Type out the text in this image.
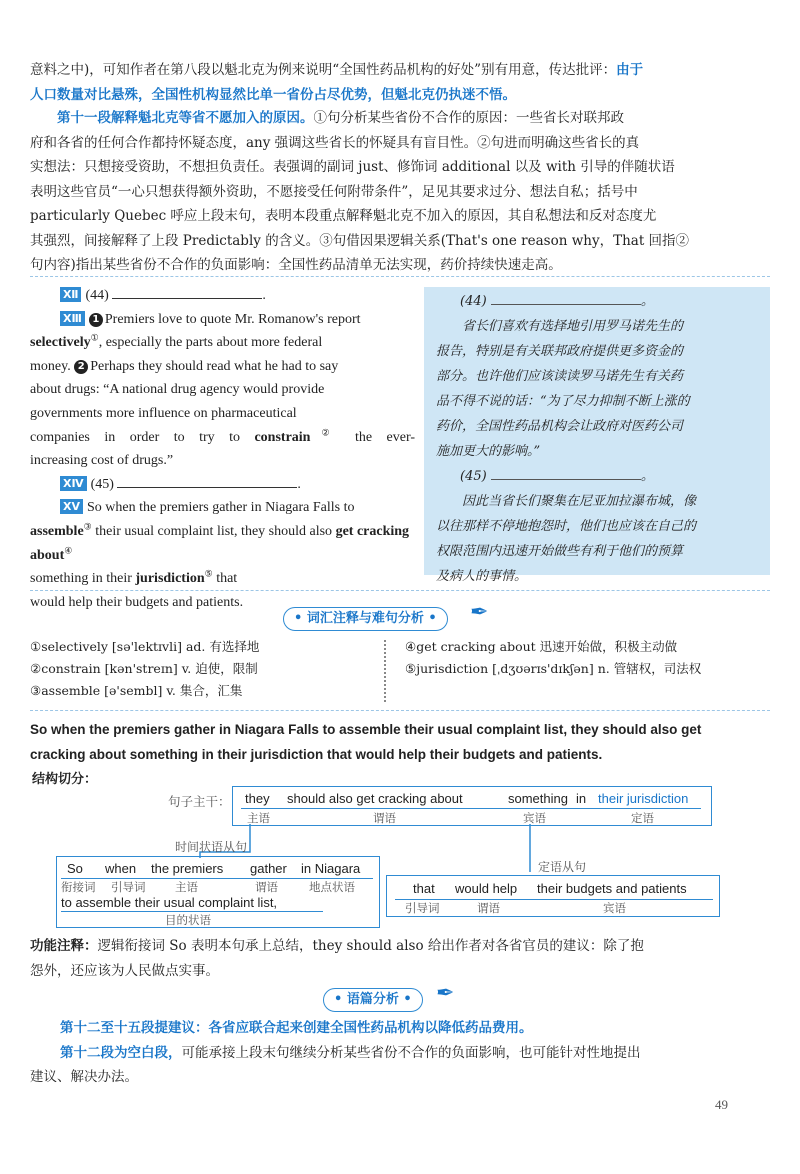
意料之中)，可知作者在第八段以魁北克为例来说明“全国性药品机构的好处”别有用意，传达批评：由于
人口数量对比悬殊，全国性机构显然比单一省份占尽优势，但魁北克仍执迷不悟。
第十一段解释魁北克等省不愿加入的原因。①句分析某些省份不合作的原因：一些省长对联邦政
府和各省的任何合作都持怀疑态度，any 强调这些省长的怀疑具有盲目性。②句进而明确这些省长的真
实想法：只想接受资助，不想担负责任。表强调的副词 just、修饰词 additional 以及 with 引导的伴随状语
表明这些官员“一心只想获得额外资助，不愿接受任何附带条件”，足见其要求过分、想法自私；括号中
particularly Quebec 呼应上段末句，表明本段重点解释魁北克不加入的原因，其自私想法和反对态度尤
其强烈，间接解释了上段 Predictably 的含义。③句借因果逻辑关系(That's one reason why，That 回指②
句内容)指出某些省份不合作的负面影响：全国性药品清单无法实现，药价持续快速走高。
Ⅻ (44)	.
ⅩⅢ 1 Premiers love to quote Mr. Romanow's report
selectively①, especially the parts about more federal
money. 2 Perhaps they should read what he had to say
about drugs: “A national drug agency would provide
governments more influence on pharmaceutical
companies in order to try to constrain② the ever-
increasing cost of drugs.”
ⅩⅣ (45)	.
ⅩⅤ So when the premiers gather in Niagara Falls to
assemble③ their usual complaint list, they should also get cracking about④
something in their jurisdiction⑤ that
would help their budgets and patients.
(44)	。
省长们喜欢有选择地引用罗马诺先生的
报告，特别是有关联邦政府提供更多资金的
部分。也许他们应该读读罗马诺先生有关药
品不得不说的话：“为了尽力抑制不断上涨的
药价，全国性药品机构会让政府对医药公司
施加更大的影响。”
(45)	。
因此当省长们聚集在尼亚加拉瀑布城，像
以往那样不停地抱怨时，他们也应该在自己的
权限范围内迅速开始做些有利于他们的预算
及病人的事情。
• 词汇注释与难句分析 •	✒
①selectively [sə'lektɪvli] ad. 有选择地
②constrain [kən'streɪn] v. 迫使，限制
③assemble [ə'sembl] v. 集合，汇集
④get cracking about 迅速开始做，积极主动做
⑤jurisdiction [ˌdʒʊərɪs'dɪkʃən] n. 管辖权，司法权
So when the premiers gather in Niagara Falls to assemble their usual complaint list, they should also get
cracking about something in their jurisdiction that would help their budgets and patients.
结构切分：
句子主干： they should also get cracking about	something in their jurisdiction
主语	谓语	宾语	定语
时间状语从句
定语从句
So when the premiers gather in Niagara
衔接词 引导词	主语	谓语	地点状语
to assemble their usual complaint list,
目的状语
that would help their budgets and patients
引导词	谓语	宾语
功能注释：逻辑衔接词 So 表明本句承上总结，they should also 给出作者对各省官员的建议：除了抱
怨外，还应该为人民做点实事。
• 语篇分析 •	✒
第十二至十五段提建议：各省应联合起来创建全国性药品机构以降低药品费用。
第十二段为空白段，可能承接上段末句继续分析某些省份不合作的负面影响，也可能针对性地提出
建议、解决办法。
49
